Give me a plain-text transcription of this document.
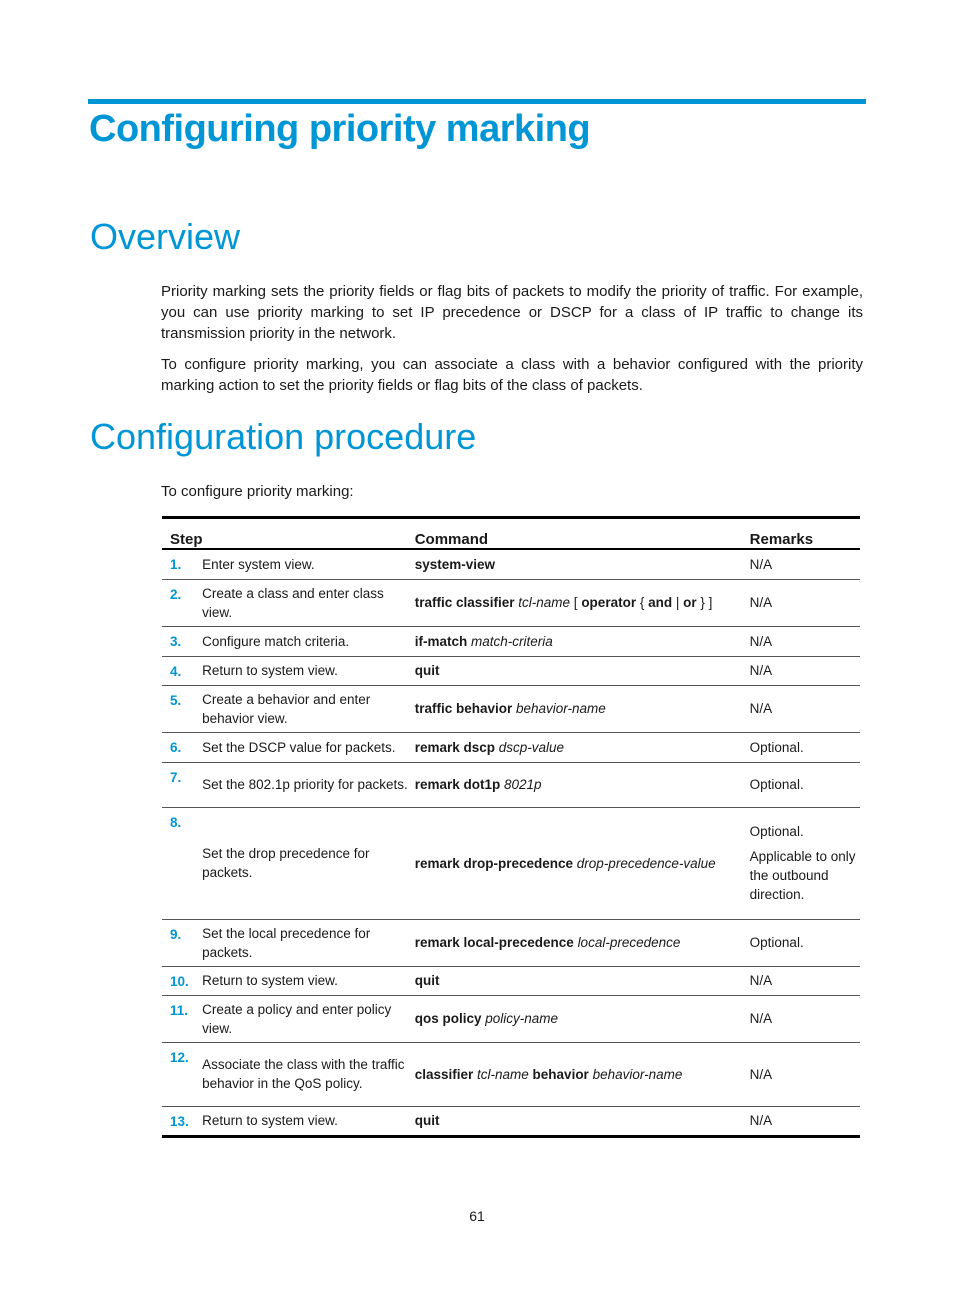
Configuring priority marking
Overview

Priority marking sets the priority fields or flag bits of packets to modify the priority of traffic. For example, you can use priority marking to set IP precedence or DSCP for a class of IP traffic to change its transmission priority in the network.

To configure priority marking, you can associate a class with a behavior configured with the priority marking action to set the priority fields or flag bits of the class of packets.

Configuration procedure

To configure priority marking:

Step		Command	Remarks
1.	Enter system view.	system-view	N/A

2.	Create a class and enter class view.	traffic classifier tcl-name [ operator { and | or } ]	N/A

3.	Configure match criteria.	if-match match-criteria	N/A

4.	Return to system view.	quit	N/A

5.	Create a behavior and enter behavior view.	traffic behavior behavior-name	N/A

6.	Set the DSCP value for packets.	remark dscp dscp-value	Optional.

7.	Set the 802.1p priority for packets.	remark dot1p 8021p	Optional.

8.	Set the drop precedence for packets.	remark drop-precedence drop-precedence-value	Optional.
Applicable to only the outbound direction.

9.	Set the local precedence for packets.	remark local-precedence local-precedence	Optional.

10.	Return to system view.	quit	N/A

11.	Create a policy and enter policy view.	qos policy policy-name	N/A

12.	Associate the class with the traffic behavior in the QoS policy.	classifier tcl-name behavior behavior-name	N/A

13.	Return to system view.	quit	N/A
61
